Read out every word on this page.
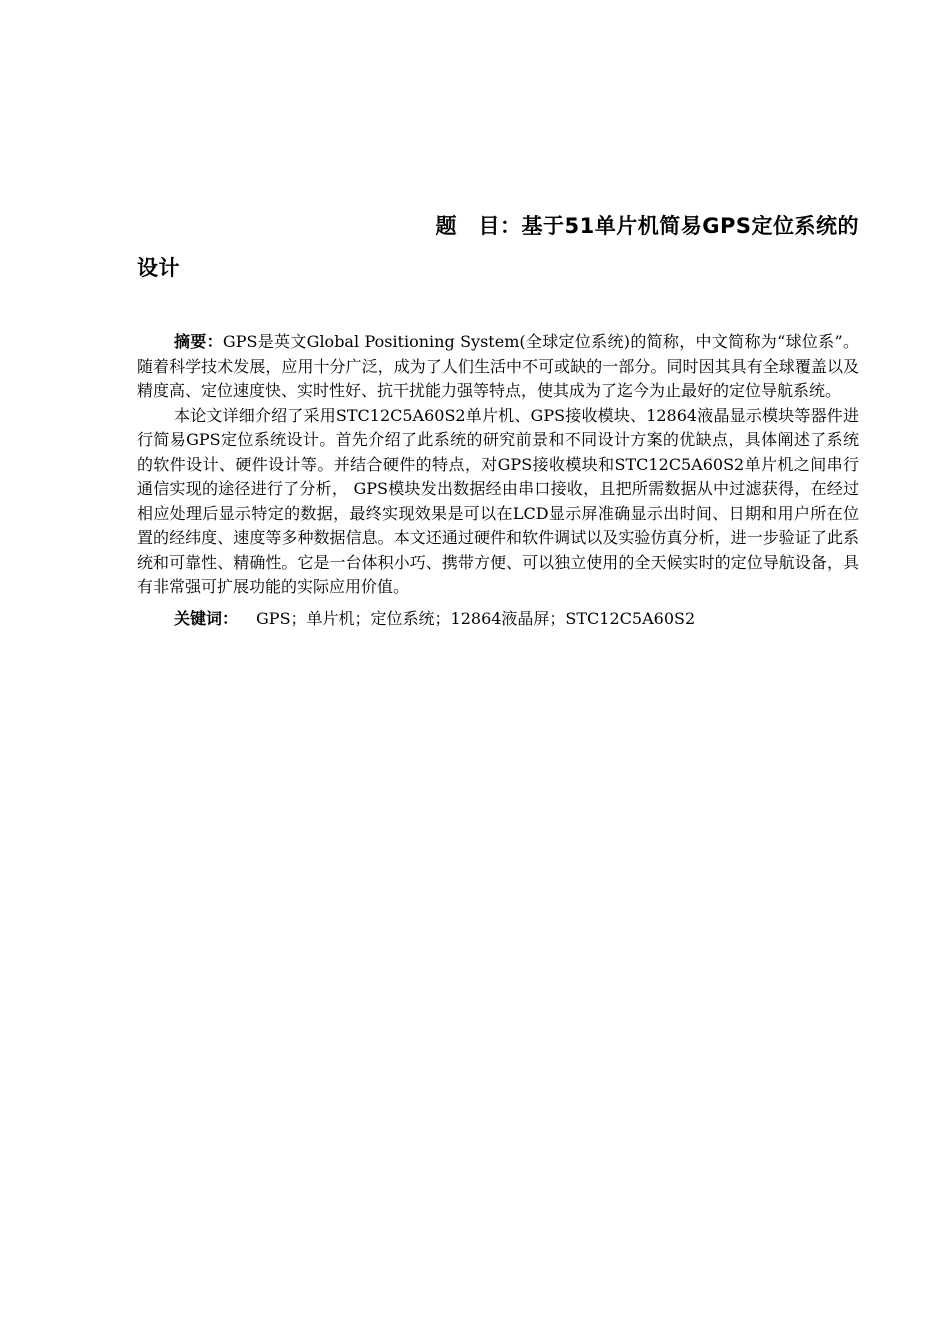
题　目：基于51单片机简易GPS定位系统的
设计

摘要：GPS是英文Global Positioning System(全球定位系统)的简称，中文简称为“球位系”。随着科学技术发展，应用十分广泛，成为了人们生活中不可或缺的一部分。同时因其具有全球覆盖以及精度高、定位速度快、实时性好、抗干扰能力强等特点，使其成为了迄今为止最好的定位导航系统。

本论文详细介绍了采用STC12C5A60S2单片机、GPS接收模块、12864液晶显示模块等器件进行简易GPS定位系统设计。首先介绍了此系统的研究前景和不同设计方案的优缺点，具体阐述了系统的软件设计、硬件设计等。并结合硬件的特点，对GPS接收模块和STC12C5A60S2单片机之间串行通信实现的途径进行了分析， GPS模块发出数据经由串口接收，且把所需数据从中过滤获得，在经过相应处理后显示特定的数据，最终实现效果是可以在LCD显示屏准确显示出时间、日期和用户所在位置的经纬度、速度等多种数据信息。本文还通过硬件和软件调试以及实验仿真分析，进一步验证了此系统和可靠性、精确性。它是一台体积小巧、携带方便、可以独立使用的全天候实时的定位导航设备，具有非常强可扩展功能的实际应用价值。

关键词： GPS；单片机；定位系统；12864液晶屏；STC12C5A60S2
